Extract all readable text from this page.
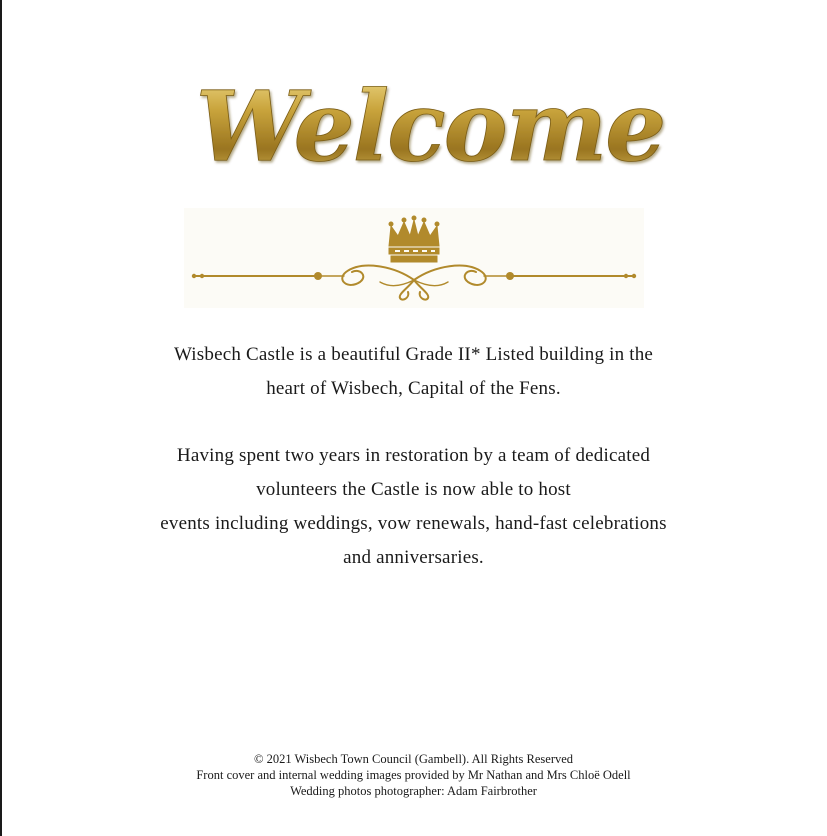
Welcome

Wisbech Castle is a beautiful Grade II* Listed building in the

heart of Wisbech, Capital of the Fens.

Having spent two years in restoration by a team of dedicated

volunteers the Castle is now able to host

events including weddings, vow renewals, hand-fast celebrations

and anniversaries.

© 2021 Wisbech Town Council (Gambell). All Rights Reserved

Front cover and internal wedding images provided by Mr Nathan and Mrs Chloë Odell

Wedding photos photographer: Adam Fairbrother
